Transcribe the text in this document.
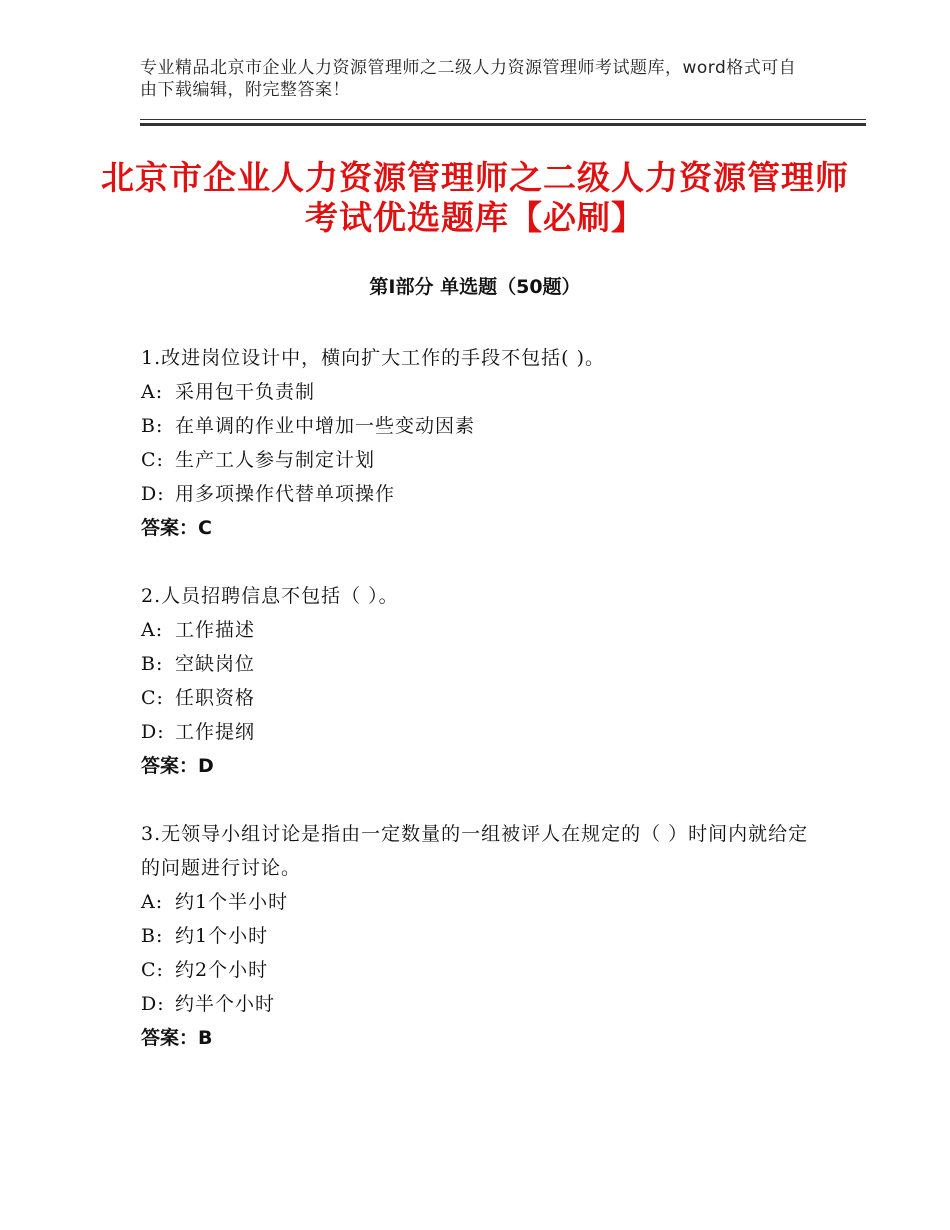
专业精品北京市企业人力资源管理师之二级人力资源管理师考试题库，word格式可自由下载编辑，附完整答案！
北京市企业人力资源管理师之二级人力资源管理师考试优选题库【必刷】
第Ⅰ部分 单选题（50题）

1.改进岗位设计中，横向扩大工作的手段不包括( )。

A: 采用包干负责制

B: 在单调的作业中增加一些变动因素

C: 生产工人参与制定计划

D: 用多项操作代替单项操作

答案：C

2.人员招聘信息不包括（ ）。

A: 工作描述

B: 空缺岗位

C: 任职资格

D: 工作提纲

答案：D

3.无领导小组讨论是指由一定数量的一组被评人在规定的（ ）时间内就给定的问题进行讨论。

A: 约1个半小时

B: 约1个小时

C: 约2个小时

D: 约半个小时

答案：B
